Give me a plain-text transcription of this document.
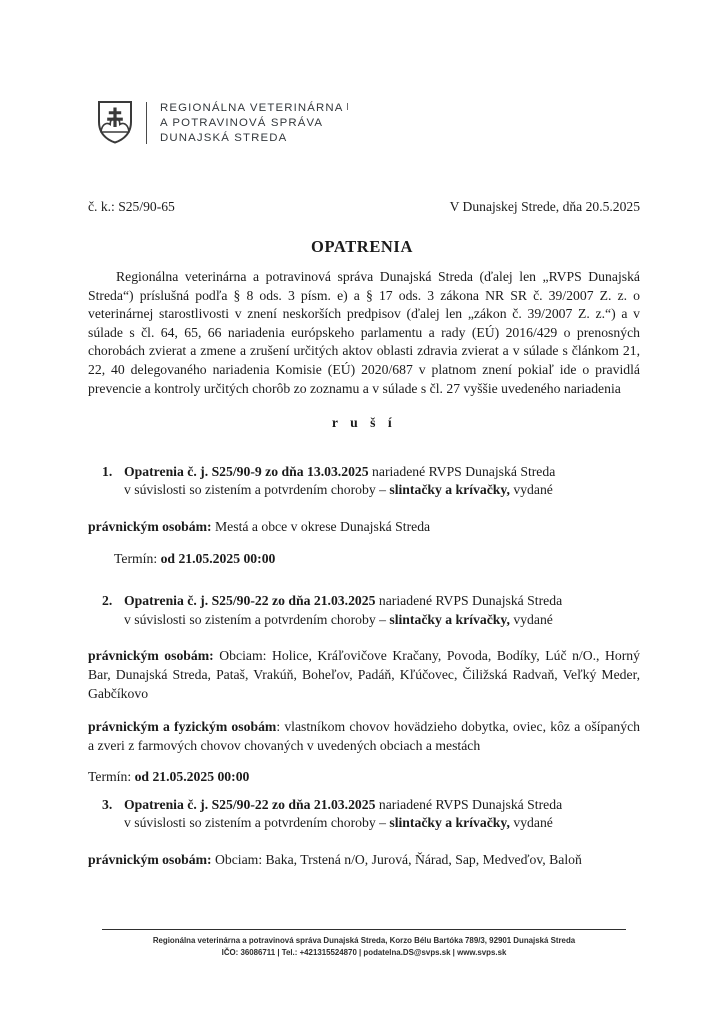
REGIONÁLNA VETERINÁRNA
A POTRAVINOVÁ SPRÁVA
DUNAJSKÁ STREDA
č. k.: S25/90-65	V Dunajskej Strede, dňa 20.5.2025
OPATRENIA

Regionálna veterinárna a potravinová správa Dunajská Streda (ďalej len „RVPS Dunajská Streda“) príslušná podľa § 8 ods. 3 písm. e) a § 17 ods. 3 zákona NR SR č. 39/2007 Z. z. o veterinárnej starostlivosti v znení neskorších predpisov (ďalej len „zákon č. 39/2007 Z. z.“) a v súlade s čl. 64, 65, 66 nariadenia európskeho parlamentu a rady (EÚ) 2016/429 o prenosných chorobách zvierat a zmene a zrušení určitých aktov oblasti zdravia zvierat a v súlade s článkom 21, 22, 40 delegovaného nariadenia Komisie (EÚ) 2020/687 v platnom znení pokiaľ ide o pravidlá prevencie a kontroly určitých chorôb zo zoznamu a v súlade s čl. 27 vyššie uvedeného nariadenia

r u š í
1. Opatrenia č. j. S25/90-9 zo dňa 13.03.2025 nariadené RVPS Dunajská Streda
v súvislosti so zistením a potvrdením choroby – slintačky a krívačky, vydané
právnickým osobám: Mestá a obce v okrese Dunajská Streda
Termín: od 21.05.2025 00:00
2. Opatrenia č. j. S25/90-22 zo dňa 21.03.2025 nariadené RVPS Dunajská Streda
v súvislosti so zistením a potvrdením choroby – slintačky a krívačky, vydané
právnickým osobám: Obciam: Holice, Kráľovičove Kračany, Povoda, Bodíky, Lúč n/O., Horný Bar, Dunajská Streda, Pataš, Vrakúň, Boheľov, Padáň, Kľúčovec, Čiližská Radvaň, Veľký Meder, Gabčíkovo
právnickým a fyzickým osobám: vlastníkom chovov hovädzieho dobytka, oviec, kôz a ošípaných a zveri z farmových chovov chovaných v uvedených obciach a mestách
Termín: od 21.05.2025 00:00
3. Opatrenia č. j. S25/90-22 zo dňa 21.03.2025 nariadené RVPS Dunajská Streda
v súvislosti so zistením a potvrdením choroby – slintačky a krívačky, vydané
právnickým osobám: Obciam: Baka, Trstená n/O, Jurová, Ňárad, Sap, Medveďov, Baloň
Regionálna veterinárna a potravinová správa Dunajská Streda, Korzo Bélu Bartóka 789/3, 92901 Dunajská Streda
IČO: 36086711 | Tel.: +421315524870 | podatelna.DS@svps.sk | www.svps.sk
